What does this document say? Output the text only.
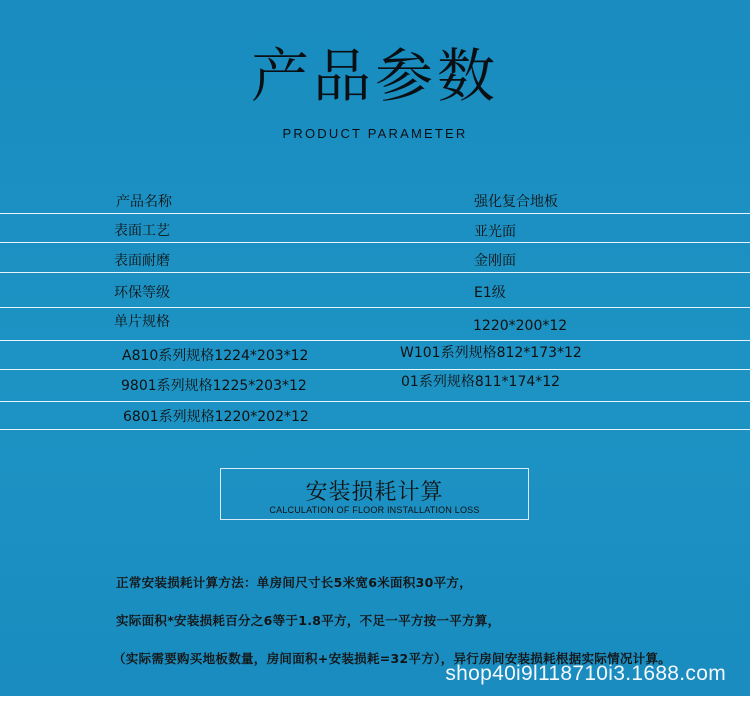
产品参数
PRODUCT PARAMETER
产品名称	强化复合地板
表面工艺	亚光面
表面耐磨	金刚面
环保等级	E1级
单片规格	1220*200*12
A810系列规格1224*203*12	W101系列规格812*173*12
9801系列规格1225*203*12	01系列规格811*174*12
6801系列规格1220*202*12
安装损耗计算
CALCULATION OF FLOOR INSTALLATION LOSS
正常安装损耗计算方法：单房间尺寸长5米宽6米面积30平方，
实际面积*安装损耗百分之6等于1.8平方，不足一平方按一平方算，
（实际需要购买地板数量，房间面积+安装损耗=32平方），异行房间安装损耗根据实际情况计算。
shop40i9l118710i3.1688.com
